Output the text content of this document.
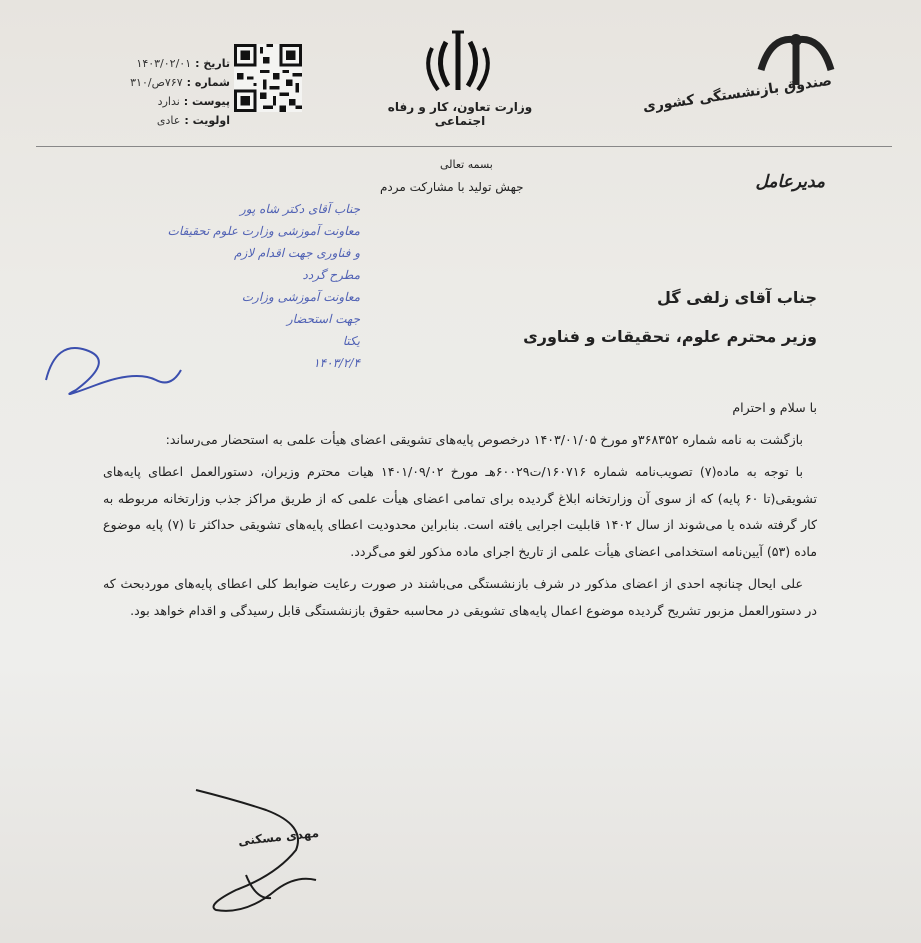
صندوق بازنشستگی کشوری
وزارت تعاون، کار و رفاه اجتماعی
تاریخ :
۱۴۰۳/۰۲/۰۱
شماره :
۷۶۷ص/۳۱۰
پیوست :
ندارد
اولویت :
عادی
بسمه تعالی
جهش تولید با مشارکت مردم	مدیرعامل
جناب آقای دکتر شاه پور
معاونت آموزشی وزارت علوم تحقیقات
و فناوری جهت اقدام لازم
مطرح گردد
معاونت آموزشی وزارت
جهت استحضار
یکتا
۱۴۰۳/۲/۴
جناب آقای زلفی گل
وزیر محترم علوم، تحقیقات و فناوری

با سلام و احترام

بازگشت به نامه شماره ۳۶۸۳۵۲و مورخ ۱۴۰۳/۰۱/۰۵ درخصوص پایه‌های تشویقی اعضای هیأت علمی به استحضار می‌رساند:

با توجه به ماده(۷) تصویب‌نامه شماره ۱۶۰۷۱۶/ت۶۰۰۲۹هـ مورخ ۱۴۰۱/۰۹/۰۲ هیات محترم وزیران، دستورالعمل اعطای پایه‌های تشویقی(تا ۶۰ پایه) که از سوی آن وزارتخانه ابلاغ گردیده برای تمامی اعضای هیأت علمی که از طریق مراکز جذب وزارتخانه مربوطه به کار گرفته شده یا می‌شوند از سال ۱۴۰۲ قابلیت اجرایی یافته است. بنابراین محدودیت اعطای پایه‌های تشویقی حداکثر تا (۷) پایه موضوع ماده (۵۳) آیین‌نامه استخدامی اعضای هیأت علمی از تاریخ اجرای ماده مذکور لغو می‌گردد.

علی ایحال چنانچه احدی از اعضای مذکور در شرف بازنشستگی می‌باشند در صورت رعایت ضوابط کلی اعطای پایه‌های موردبحث که در دستورالعمل مزبور تشریح گردیده موضوع اعمال پایه‌های تشویقی در محاسبه حقوق بازنشستگی قابل رسیدگی و اقدام خواهد بود.

مهدی مسکنی
